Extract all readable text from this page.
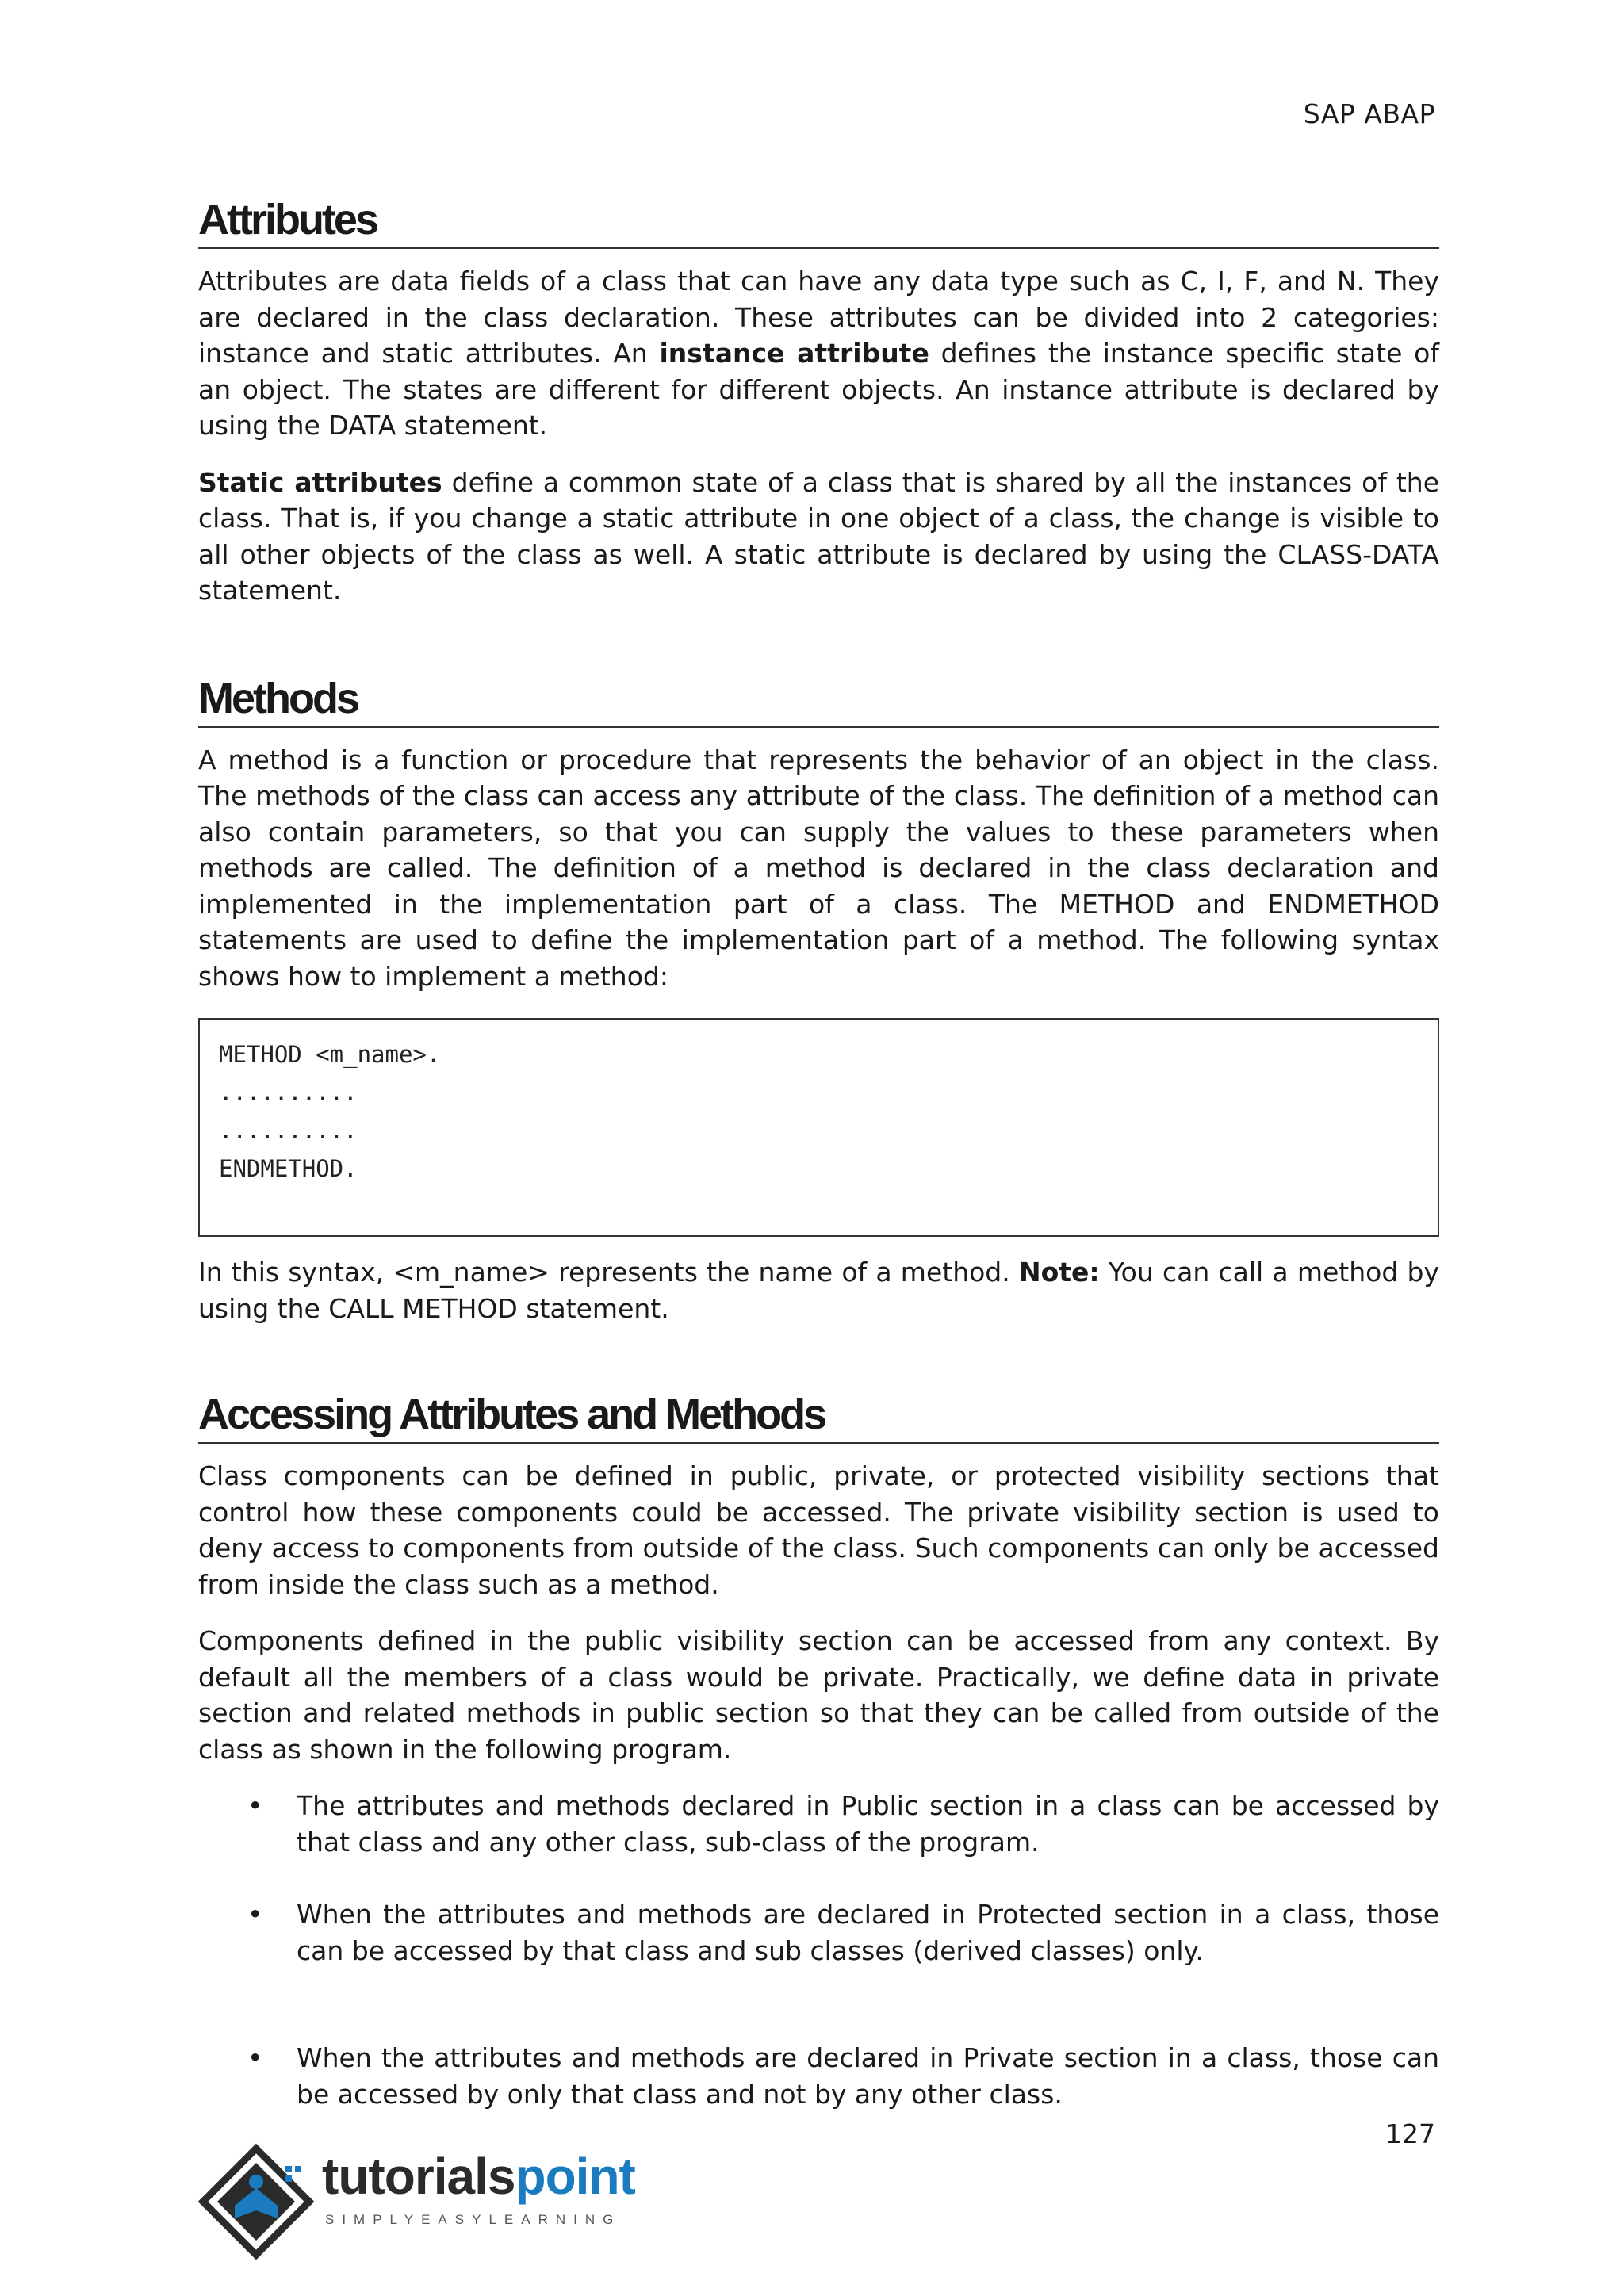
SAP ABAP
Attributes

Attributes are data fields of a class that can have any data type such as C, I, F, and N. They are declared in the class declaration. These attributes can be divided into 2 categories: instance and static attributes. An instance attribute defines the instance specific state of an object. The states are different for different objects. An instance attribute is declared by using the DATA statement.

Static attributes define a common state of a class that is shared by all the instances of the class. That is, if you change a static attribute in one object of a class, the change is visible to all other objects of the class as well. A static attribute is declared by using the CLASS-DATA statement.

Methods

A method is a function or procedure that represents the behavior of an object in the class. The methods of the class can access any attribute of the class. The definition of a method can also contain parameters, so that you can supply the values to these parameters when methods are called. The definition of a method is declared in the class declaration and implemented in the implementation part of a class. The METHOD and ENDMETHOD statements are used to define the implementation part of a method. The following syntax shows how to implement a method:

METHOD <m_name>.
..........
..........
ENDMETHOD.

In this syntax, <m_name> represents the name of a method. Note: You can call a method by using the CALL METHOD statement.

Accessing Attributes and Methods

Class components can be defined in public, private, or protected visibility sections that control how these components could be accessed. The private visibility section is used to deny access to components from outside of the class. Such components can only be accessed from inside the class such as a method.

Components defined in the public visibility section can be accessed from any context. By default all the members of a class would be private. Practically, we define data in private section and related methods in public section so that they can be called from outside of the class as shown in the following program.

• The attributes and methods declared in Public section in a class can be accessed by that class and any other class, sub-class of the program.
• When the attributes and methods are declared in Protected section in a class, those can be accessed by that class and sub classes (derived classes) only.
• When the attributes and methods are declared in Private section in a class, those can be accessed by only that class and not by any other class.
127
tutorialspoint
SIMPLYEASYLEARNING
